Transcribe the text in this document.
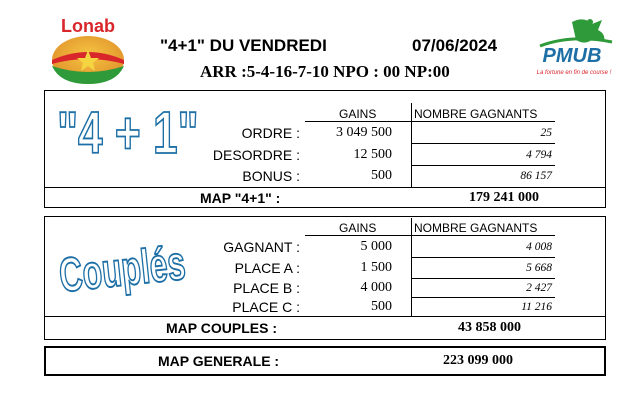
Lonab
"4+1" DU VENDREDI	07/06/2024
ARR :5-4-16-7-10 NPO : 00 NP:00
PMUB
La fortune en fin de course !
"4 + 1"	GAINS	NOMBRE GAGNANTS
ORDRE :	3 049 500	25
DESORDRE :	12 500	4 794
BONUS :	500	86 157
MAP "4+1" :	179 241 000
Couplés
GAINS	NOMBRE GAGNANTS
GAGNANT :	5 000	4 008
PLACE A :	1 500	5 668
PLACE B :	4 000	2 427
PLACE C :	500	11 216
MAP COUPLES :	43 858 000
MAP GENERALE :	223 099 000
